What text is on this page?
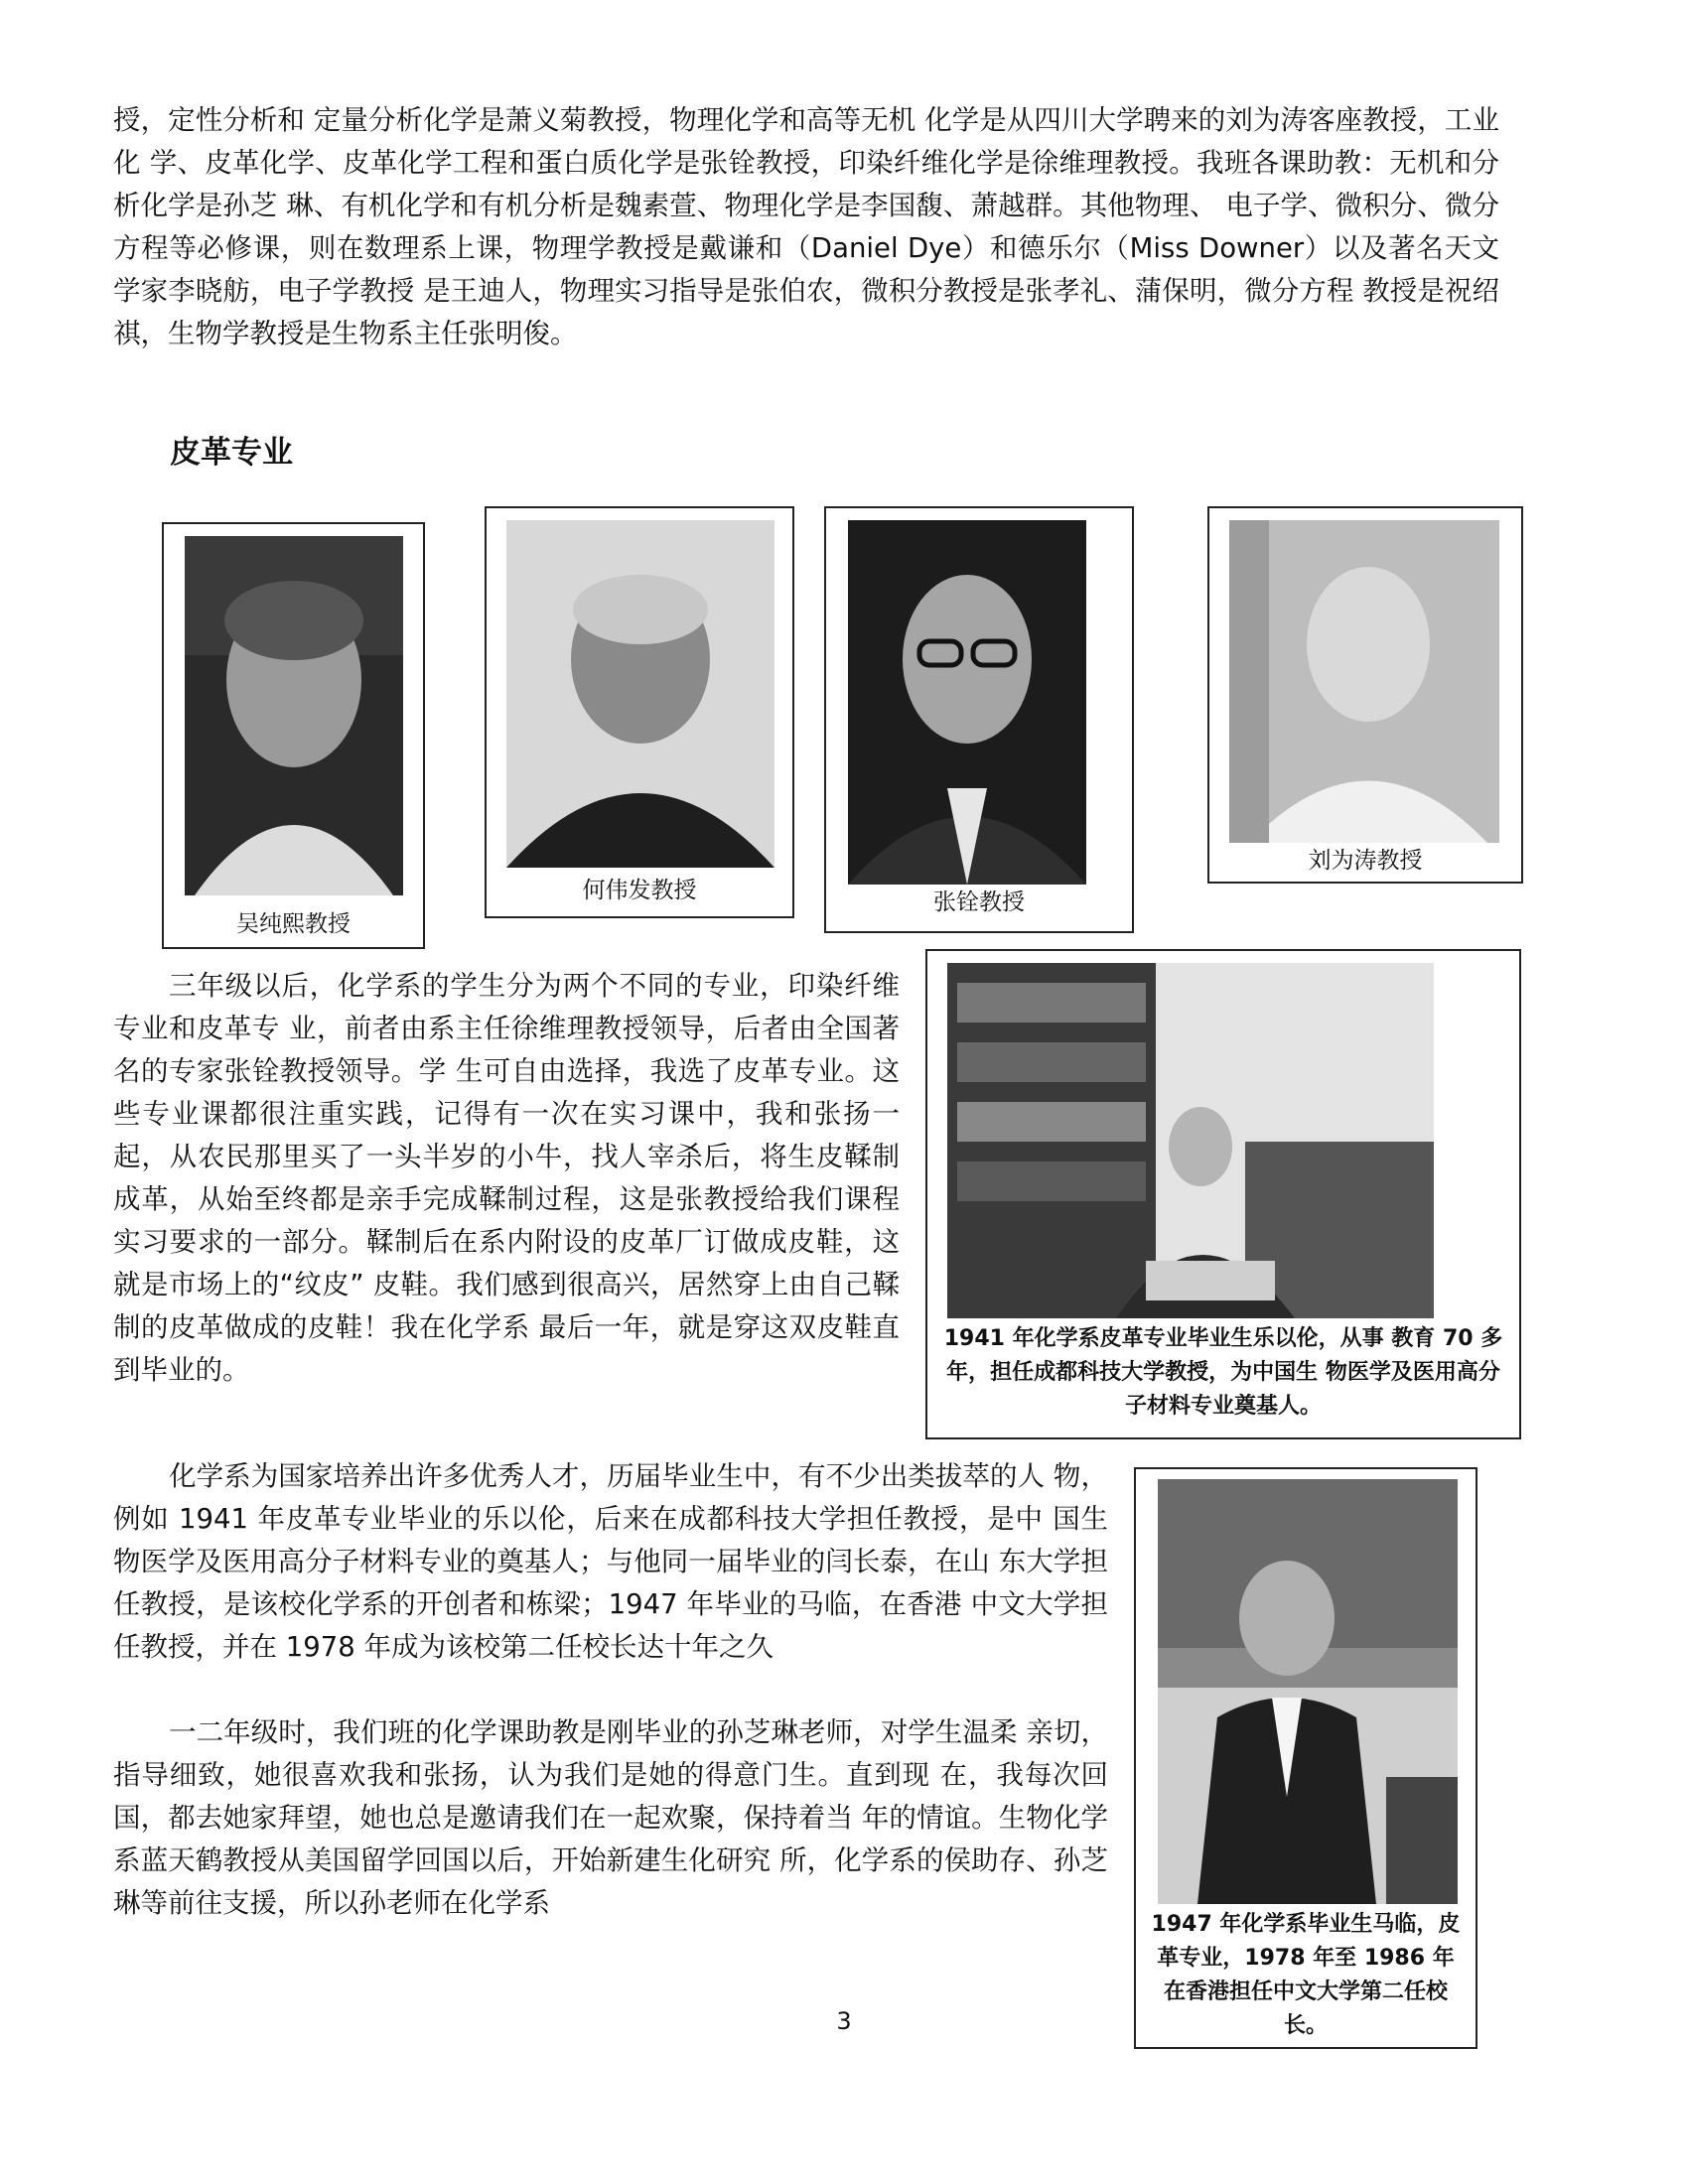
授，定性分析和 定量分析化学是萧义菊教授，物理化学和高等无机 化学是从四川大学聘来的刘为涛客座教授，工业化 学、皮革化学、皮革化学工程和蛋白质化学是张铨教授，印染纤维化学是徐维理教授。我班各课助教：无机和分析化学是孙芝 琳、有机化学和有机分析是魏素萱、物理化学是李国馥、萧越群。其他物理、 电子学、微积分、微分方程等必修课，则在数理系上课，物理学教授是戴谦和（Daniel Dye）和德乐尔（Miss Downer）以及著名天文学家李晓舫，电子学教授 是王迪人，物理实习指导是张伯农，微积分教授是张孝礼、蒲保明，微分方程 教授是祝绍祺，生物学教授是生物系主任张明俊。

皮革专业

吴纯熙教授

何伟发教授	张铨教授

刘为涛教授

三年级以后，化学系的学生分为两个不同的专业，印染纤维专业和皮革专 业，前者由系主任徐维理教授领导，后者由全国著名的专家张铨教授领导。学 生可自由选择，我选了皮革专业。这些专业课都很注重实践，记得有一次在实习课中，我和张扬一起，从农民那里买了一头半岁的小牛，找人宰杀后，将生皮鞣制成革，从始至终都是亲手完成鞣制过程，这是张教授给我们课程实习要求的一部分。鞣制后在系内附设的皮革厂订做成皮鞋，这就是市场上的“纹皮” 皮鞋。我们感到很高兴，居然穿上由自己鞣制的皮革做成的皮鞋！我在化学系 最后一年，就是穿这双皮鞋直到毕业的。

1941 年化学系皮革专业毕业生乐以伦，从事 教育 70 多年，担任成都科技大学教授，为中国生 物医学及医用高分子材料专业奠基人。

化学系为国家培养出许多优秀人才，历届毕业生中，有不少出类拔萃的人 物，例如 1941 年皮革专业毕业的乐以伦，后来在成都科技大学担任教授，是中 国生物医学及医用高分子材料专业的奠基人；与他同一届毕业的闫长泰，在山 东大学担任教授，是该校化学系的开创者和栋梁；1947 年毕业的马临，在香港 中文大学担任教授，并在 1978 年成为该校第二任校长达十年之久

一二年级时，我们班的化学课助教是刚毕业的孙芝琳老师，对学生温柔 亲切，指导细致，她很喜欢我和张扬，认为我们是她的得意门生。直到现 在，我每次回国，都去她家拜望，她也总是邀请我们在一起欢聚，保持着当 年的情谊。生物化学系蓝天鹤教授从美国留学回国以后，开始新建生化研究 所，化学系的侯助存、孙芝琳等前往支援，所以孙老师在化学系

1947 年化学系毕业生马临，皮革专业，1978 年至 1986 年在香港担任中文大学第二任校长。

3
